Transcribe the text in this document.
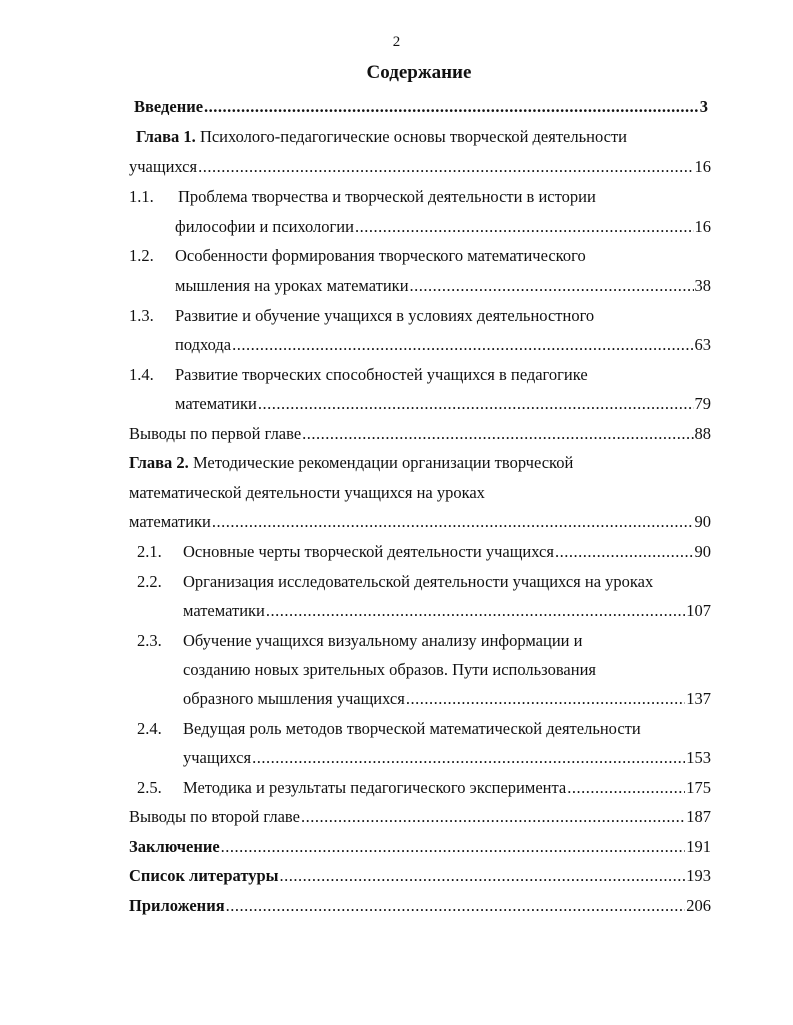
2
Содержание
Введение .....	3
Глава 1. Психолого-педагогические основы творческой деятельности
учащихся .....	16
1.1. Проблема творчества и творческой деятельности в истории
философии и психологии .....	16
1.2. Особенности формирования творческого математического
мышления на уроках математики .....	38
1.3. Развитие и обучение учащихся в условиях деятельностного
подхода .....	63
1.4. Развитие творческих способностей учащихся в педагогике
математики .....	79
Выводы по первой главе .....	88
Глава 2. Методические рекомендации организации творческой
математической деятельности учащихся на уроках
математики .....	90
2.1. Основные черты творческой деятельности учащихся .....	90
2.2. Организация исследовательской деятельности учащихся на уроках
математики .....	107
2.3. Обучение учащихся визуальному анализу информации и
созданию новых зрительных образов. Пути использования
образного мышления учащихся .....	137
2.4. Ведущая роль методов творческой математической деятельности
учащихся .....	153
2.5. Методика и результаты педагогического эксперимента .....	175
Выводы по второй главе .....	187
Заключение .....	191
Список литературы .....	193
Приложения .....	206
